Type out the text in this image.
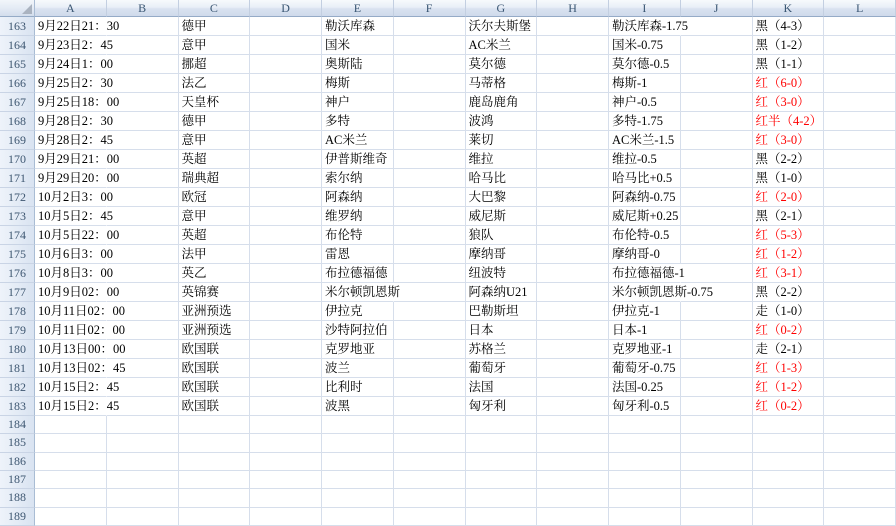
	A	B	C	D	E	F	G	H	I	J	K	L
163	9月22日21：30		德甲		勒沃库森		沃尔夫斯堡		勒沃库森-1.75		黑（4-3）	
164	9月23日2：45		意甲		国米		AC米兰		国米-0.75		黑（1-2）	
165	9月24日1：00		挪超		奥斯陆		莫尔德		莫尔德-0.5		黑（1-1）	
166	9月25日2：30		法乙		梅斯		马蒂格		梅斯-1		红（6-0）	
167	9月25日18：00		天皇杯		神户		鹿岛鹿角		神户-0.5		红（3-0）	
168	9月28日2：30		德甲		多特		波鸿		多特-1.75		红半（4-2）	
169	9月28日2：45		意甲		AC米兰		莱切		AC米兰-1.5		红（3-0）	
170	9月29日21：00		英超		伊普斯维奇		维拉		维拉-0.5		黑（2-2）	
171	9月29日20：00		瑞典超		索尔纳		哈马比		哈马比+0.5		黑（1-0）	
172	10月2日3：00		欧冠		阿森纳		大巴黎		阿森纳-0.75		红（2-0）	
173	10月5日2：45		意甲		维罗纳		威尼斯		威尼斯+0.25		黑（2-1）	
174	10月5日22：00		英超		布伦特		狼队		布伦特-0.5		红（5-3）	
175	10月6日3：00		法甲		雷恩		摩纳哥		摩纳哥-0		红（1-2）	
176	10月8日3：00		英乙		布拉德福德		纽波特		布拉德福德-1		红（3-1）	
177	10月9日02：00		英锦赛		米尔顿凯恩斯		阿森纳U21		米尔顿凯恩斯-0.75		黑（2-2）	
178	10月11日02：00		亚洲预选		伊拉克		巴勒斯坦		伊拉克-1		走（1-0）	
179	10月11日02：00		亚洲预选		沙特阿拉伯		日本		日本-1		红（0-2）	
180	10月13日00：00		欧国联		克罗地亚		苏格兰		克罗地亚-1		走（2-1）	
181	10月13日02：45		欧国联		波兰		葡萄牙		葡萄牙-0.75		红（1-3）	
182	10月15日2：45		欧国联		比利时		法国		法国-0.25		红（1-2）	
183	10月15日2：45		欧国联		波黑		匈牙利		匈牙利-0.5		红（0-2）	
184												
185												
186												
187												
188												
189												
